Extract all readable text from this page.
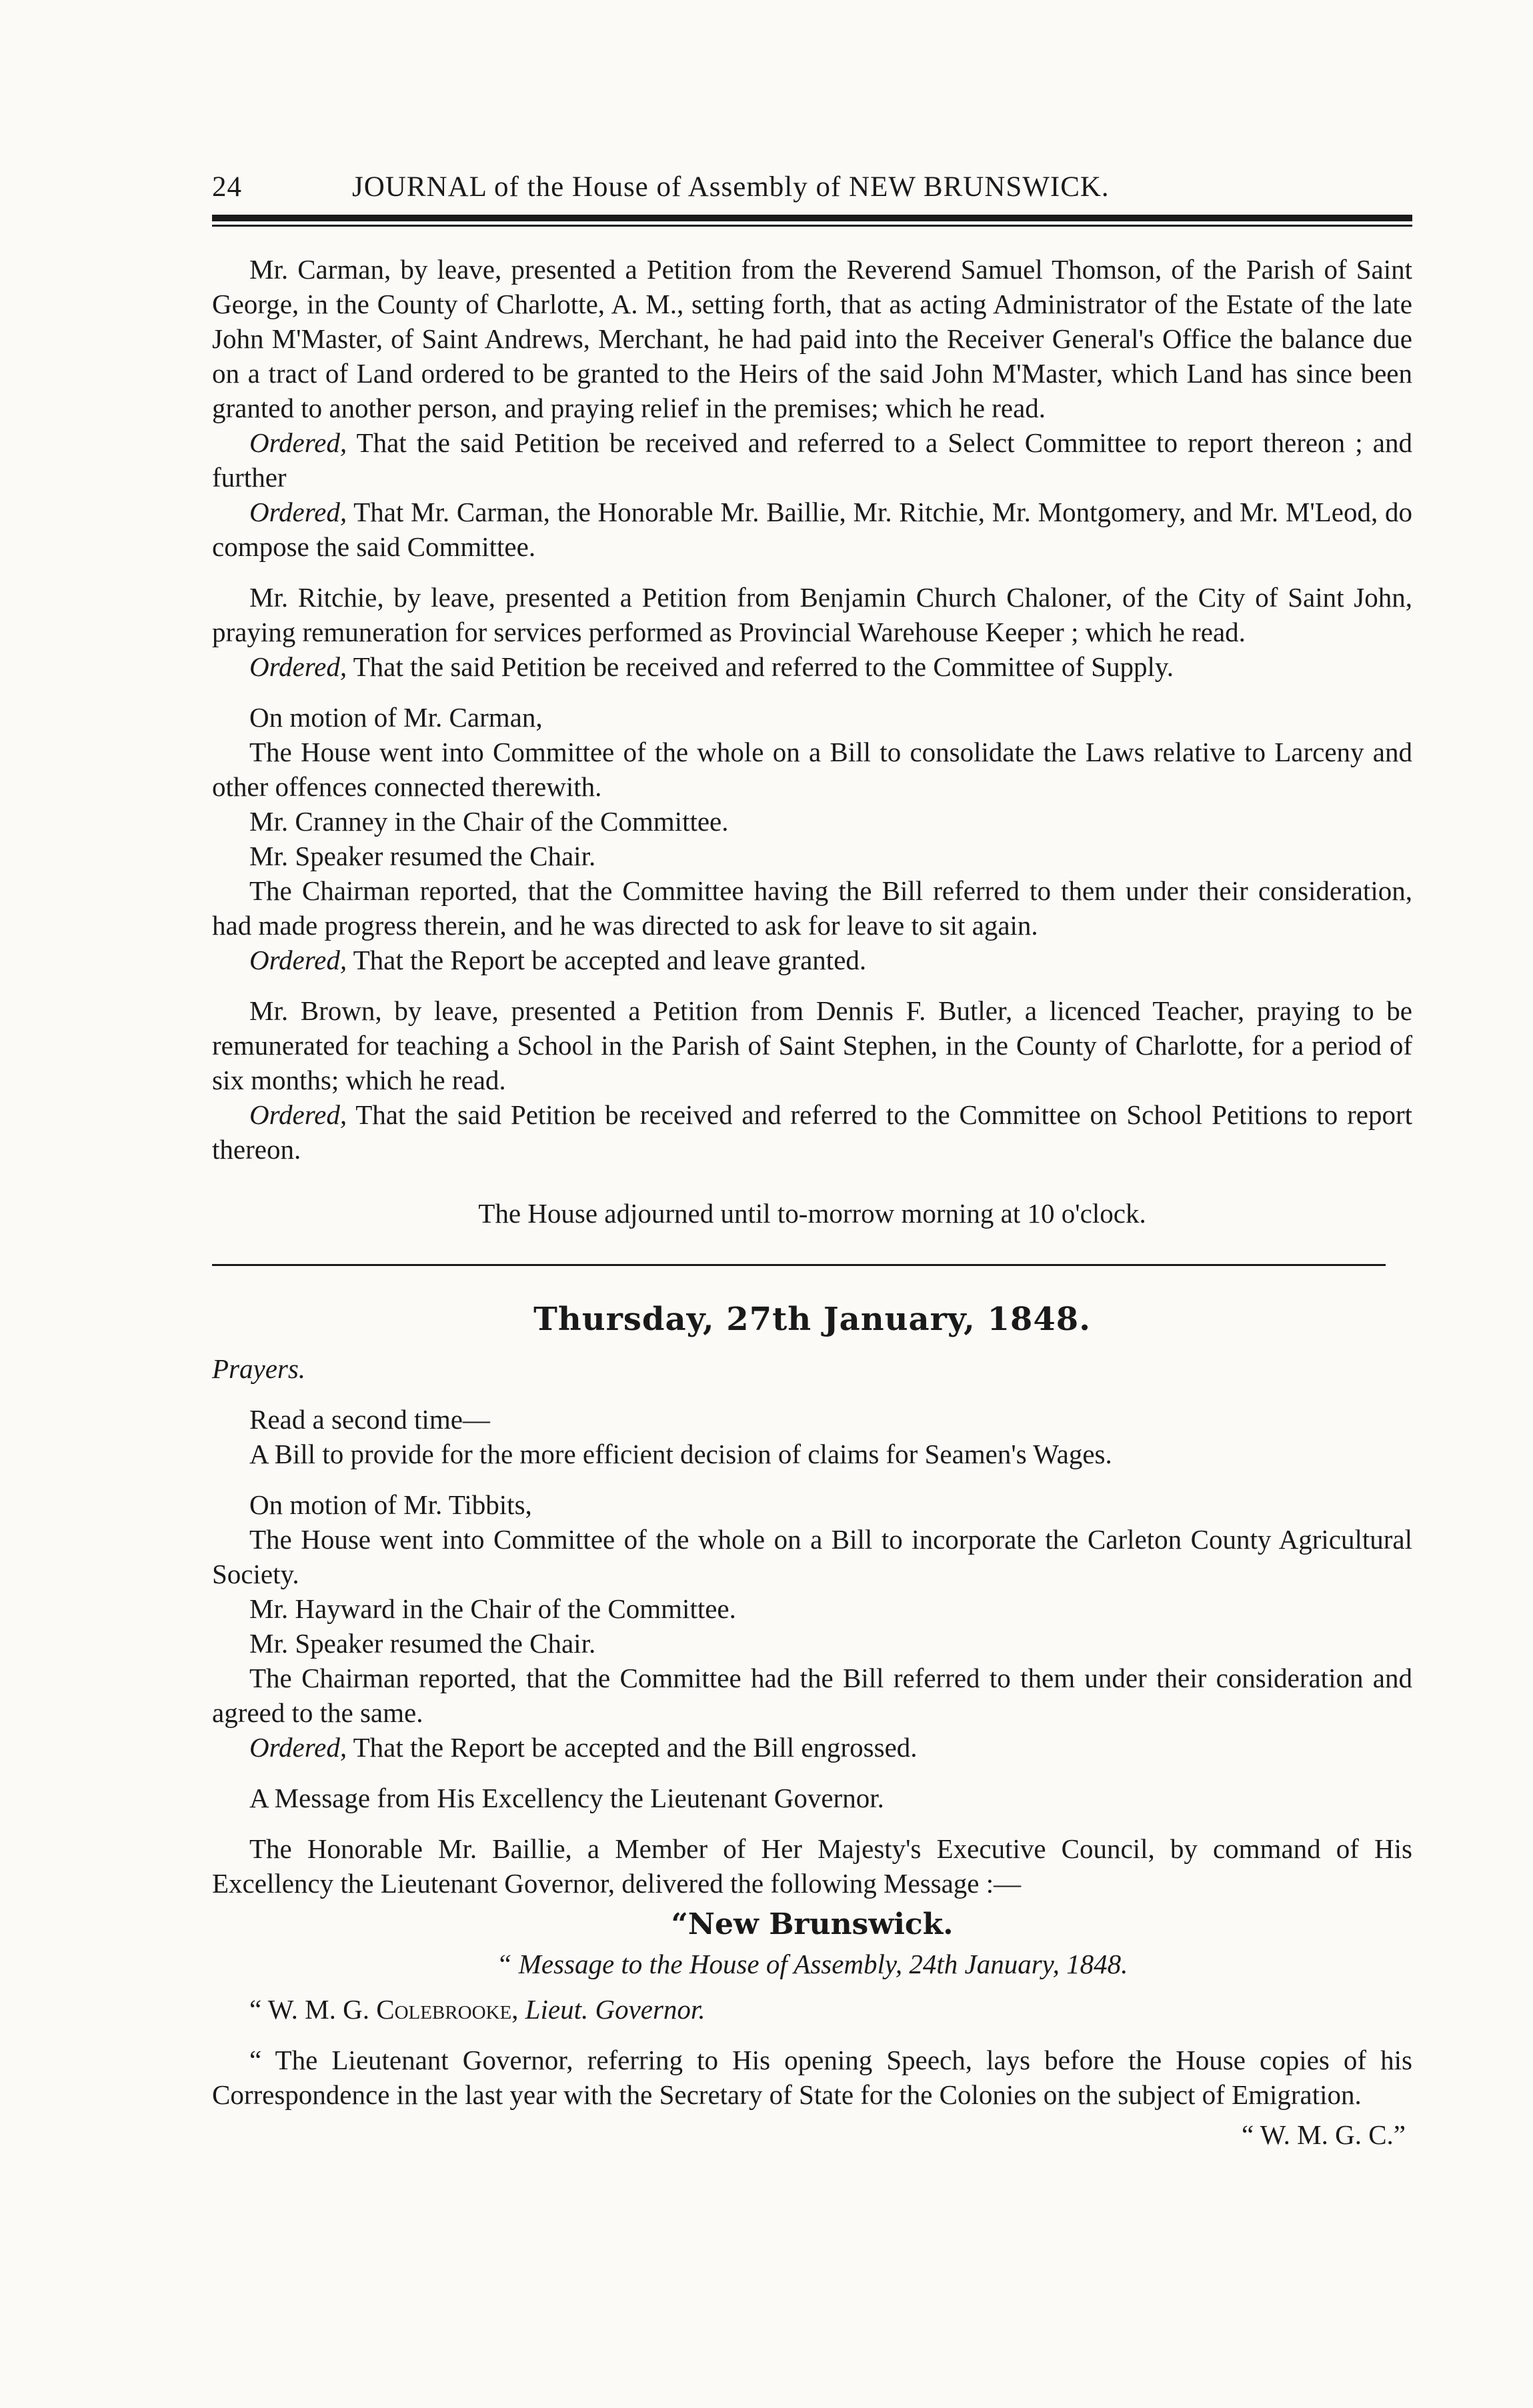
24	JOURNAL of the House of Assembly of NEW BRUNSWICK.

Mr. Carman, by leave, presented a Petition from the Reverend Samuel Thomson, of the Parish of Saint George, in the County of Charlotte, A. M., setting forth, that as acting Administrator of the Estate of the late John M'Master, of Saint Andrews, Merchant, he had paid into the Receiver General's Office the balance due on a tract of Land ordered to be granted to the Heirs of the said John M'Master, which Land has since been granted to another person, and praying relief in the premises; which he read.

Ordered, That the said Petition be received and referred to a Select Committee to report thereon ; and further

Ordered, That Mr. Carman, the Honorable Mr. Baillie, Mr. Ritchie, Mr. Montgomery, and Mr. M'Leod, do compose the said Committee.

Mr. Ritchie, by leave, presented a Petition from Benjamin Church Chaloner, of the City of Saint John, praying remuneration for services performed as Provincial Warehouse Keeper ; which he read.

Ordered, That the said Petition be received and referred to the Committee of Supply.

On motion of Mr. Carman,

The House went into Committee of the whole on a Bill to consolidate the Laws relative to Larceny and other offences connected therewith.

Mr. Cranney in the Chair of the Committee.

Mr. Speaker resumed the Chair.

The Chairman reported, that the Committee having the Bill referred to them under their consideration, had made progress therein, and he was directed to ask for leave to sit again.

Ordered, That the Report be accepted and leave granted.

Mr. Brown, by leave, presented a Petition from Dennis F. Butler, a licenced Teacher, praying to be remunerated for teaching a School in the Parish of Saint Stephen, in the County of Charlotte, for a period of six months; which he read.

Ordered, That the said Petition be received and referred to the Committee on School Petitions to report thereon.

The House adjourned until to-morrow morning at 10 o'clock.

Thursday, 27th January, 1848.

Prayers.

Read a second time—

A Bill to provide for the more efficient decision of claims for Seamen's Wages.

On motion of Mr. Tibbits,

The House went into Committee of the whole on a Bill to incorporate the Carleton County Agricultural Society.

Mr. Hayward in the Chair of the Committee.

Mr. Speaker resumed the Chair.

The Chairman reported, that the Committee had the Bill referred to them under their consideration and agreed to the same.

Ordered, That the Report be accepted and the Bill engrossed.

A Message from His Excellency the Lieutenant Governor.

The Honorable Mr. Baillie, a Member of Her Majesty's Executive Council, by command of His Excellency the Lieutenant Governor, delivered the following Message :—

“New Brunswick.

“ Message to the House of Assembly, 24th January, 1848.

“ W. M. G. Colebrooke, Lieut. Governor.

“ The Lieutenant Governor, referring to His opening Speech, lays before the House copies of his Correspondence in the last year with the Secretary of State for the Colonies on the subject of Emigration.

“ W. M. G. C.”
